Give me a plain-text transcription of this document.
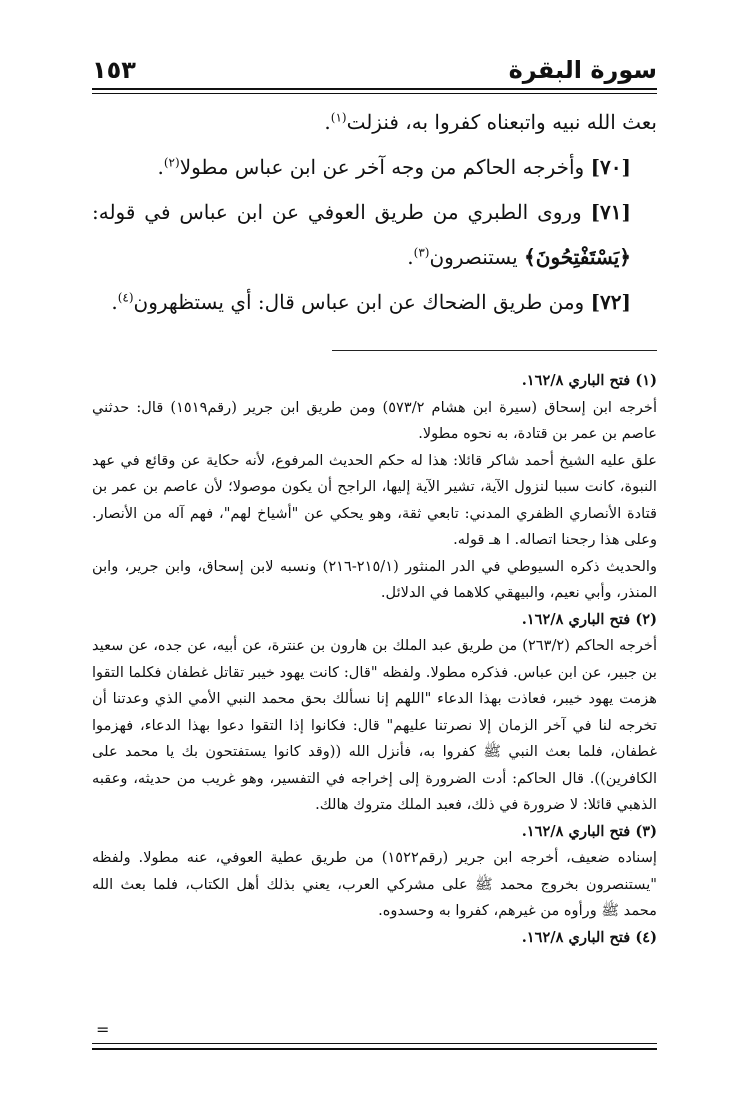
سورة البقرة
١٥٣

بعث الله نبيه واتبعناه كفروا به، فنزلت$^{(١)}$.

[٧٠] وأخرجه الحاكم من وجه آخر عن ابن عباس مطولا$^{(٢)}$.

[٧١] وروى الطبري من طريق العوفي عن ابن عباس في قوله: ﴿يَسْتَفْتِحُونَ﴾ يستنصرون$^{(٣)}$.

[٧٢] ومن طريق الضحاك عن ابن عباس قال: أي يستظهرون$^{(٤)}$.

(١) فتح الباري ١٦٢/٨.

أخرجه ابن إسحاق (سيرة ابن هشام ٥٧٣/٢) ومن طريق ابن جرير (رقم١٥١٩) قال: حدثني عاصم بن عمر بن قتادة، به نحوه مطولا.

علق عليه الشيخ أحمد شاكر قائلا: هذا له حكم الحديث المرفوع، لأنه حكاية عن وقائع في عهد النبوة، كانت سببا لنزول الآية، تشير الآية إليها، الراجح أن يكون موصولا؛ لأن عاصم بن عمر بن قتادة الأنصاري الظفري المدني: تابعي ثقة، وهو يحكي عن "أشياخ لهم"، فهم آله من الأنصار. وعلى هذا رجحنا اتصاله. ا هـ قوله.

والحديث ذكره السيوطي في الدر المنثور (٢١٥/١-٢١٦) ونسبه لابن إسحاق، وابن جرير، وابن المنذر، وأبي نعيم، والبيهقي كلاهما في الدلائل.

(٢) فتح الباري ١٦٢/٨.

أخرجه الحاكم (٢٦٣/٢) من طريق عبد الملك بن هارون بن عنترة، عن أبيه، عن جده، عن سعيد بن جبير، عن ابن عباس. فذكره مطولا. ولفظه "قال: كانت يهود خيبر تقاتل غطفان فكلما التقوا هزمت يهود خيبر، فعاذت بهذا الدعاء "اللهم إنا نسألك بحق محمد النبي الأمي الذي وعدتنا أن تخرجه لنا في آخر الزمان إلا نصرتنا عليهم" قال: فكانوا إذا التقوا دعوا بهذا الدعاء، فهزموا غطفان، فلما بعث النبي ﷺ كفروا به، فأنزل الله ((وقد كانوا يستفتحون بك يا محمد على الكافرين)). قال الحاكم: أدت الضرورة إلى إخراجه في التفسير، وهو غريب من حديثه، وعقبه الذهبي قائلا: لا ضرورة في ذلك، فعبد الملك متروك هالك.

(٣) فتح الباري ١٦٢/٨.

إسناده ضعيف، أخرجه ابن جرير (رقم١٥٢٢) من طريق عطية العوفي، عنه مطولا. ولفظه "يستنصرون بخروج محمد ﷺ على مشركي العرب، يعني بذلك أهل الكتاب، فلما بعث الله محمد ﷺ ورأوه من غيرهم، كفروا به وحسدوه.

(٤) فتح الباري ١٦٢/٨.

=
